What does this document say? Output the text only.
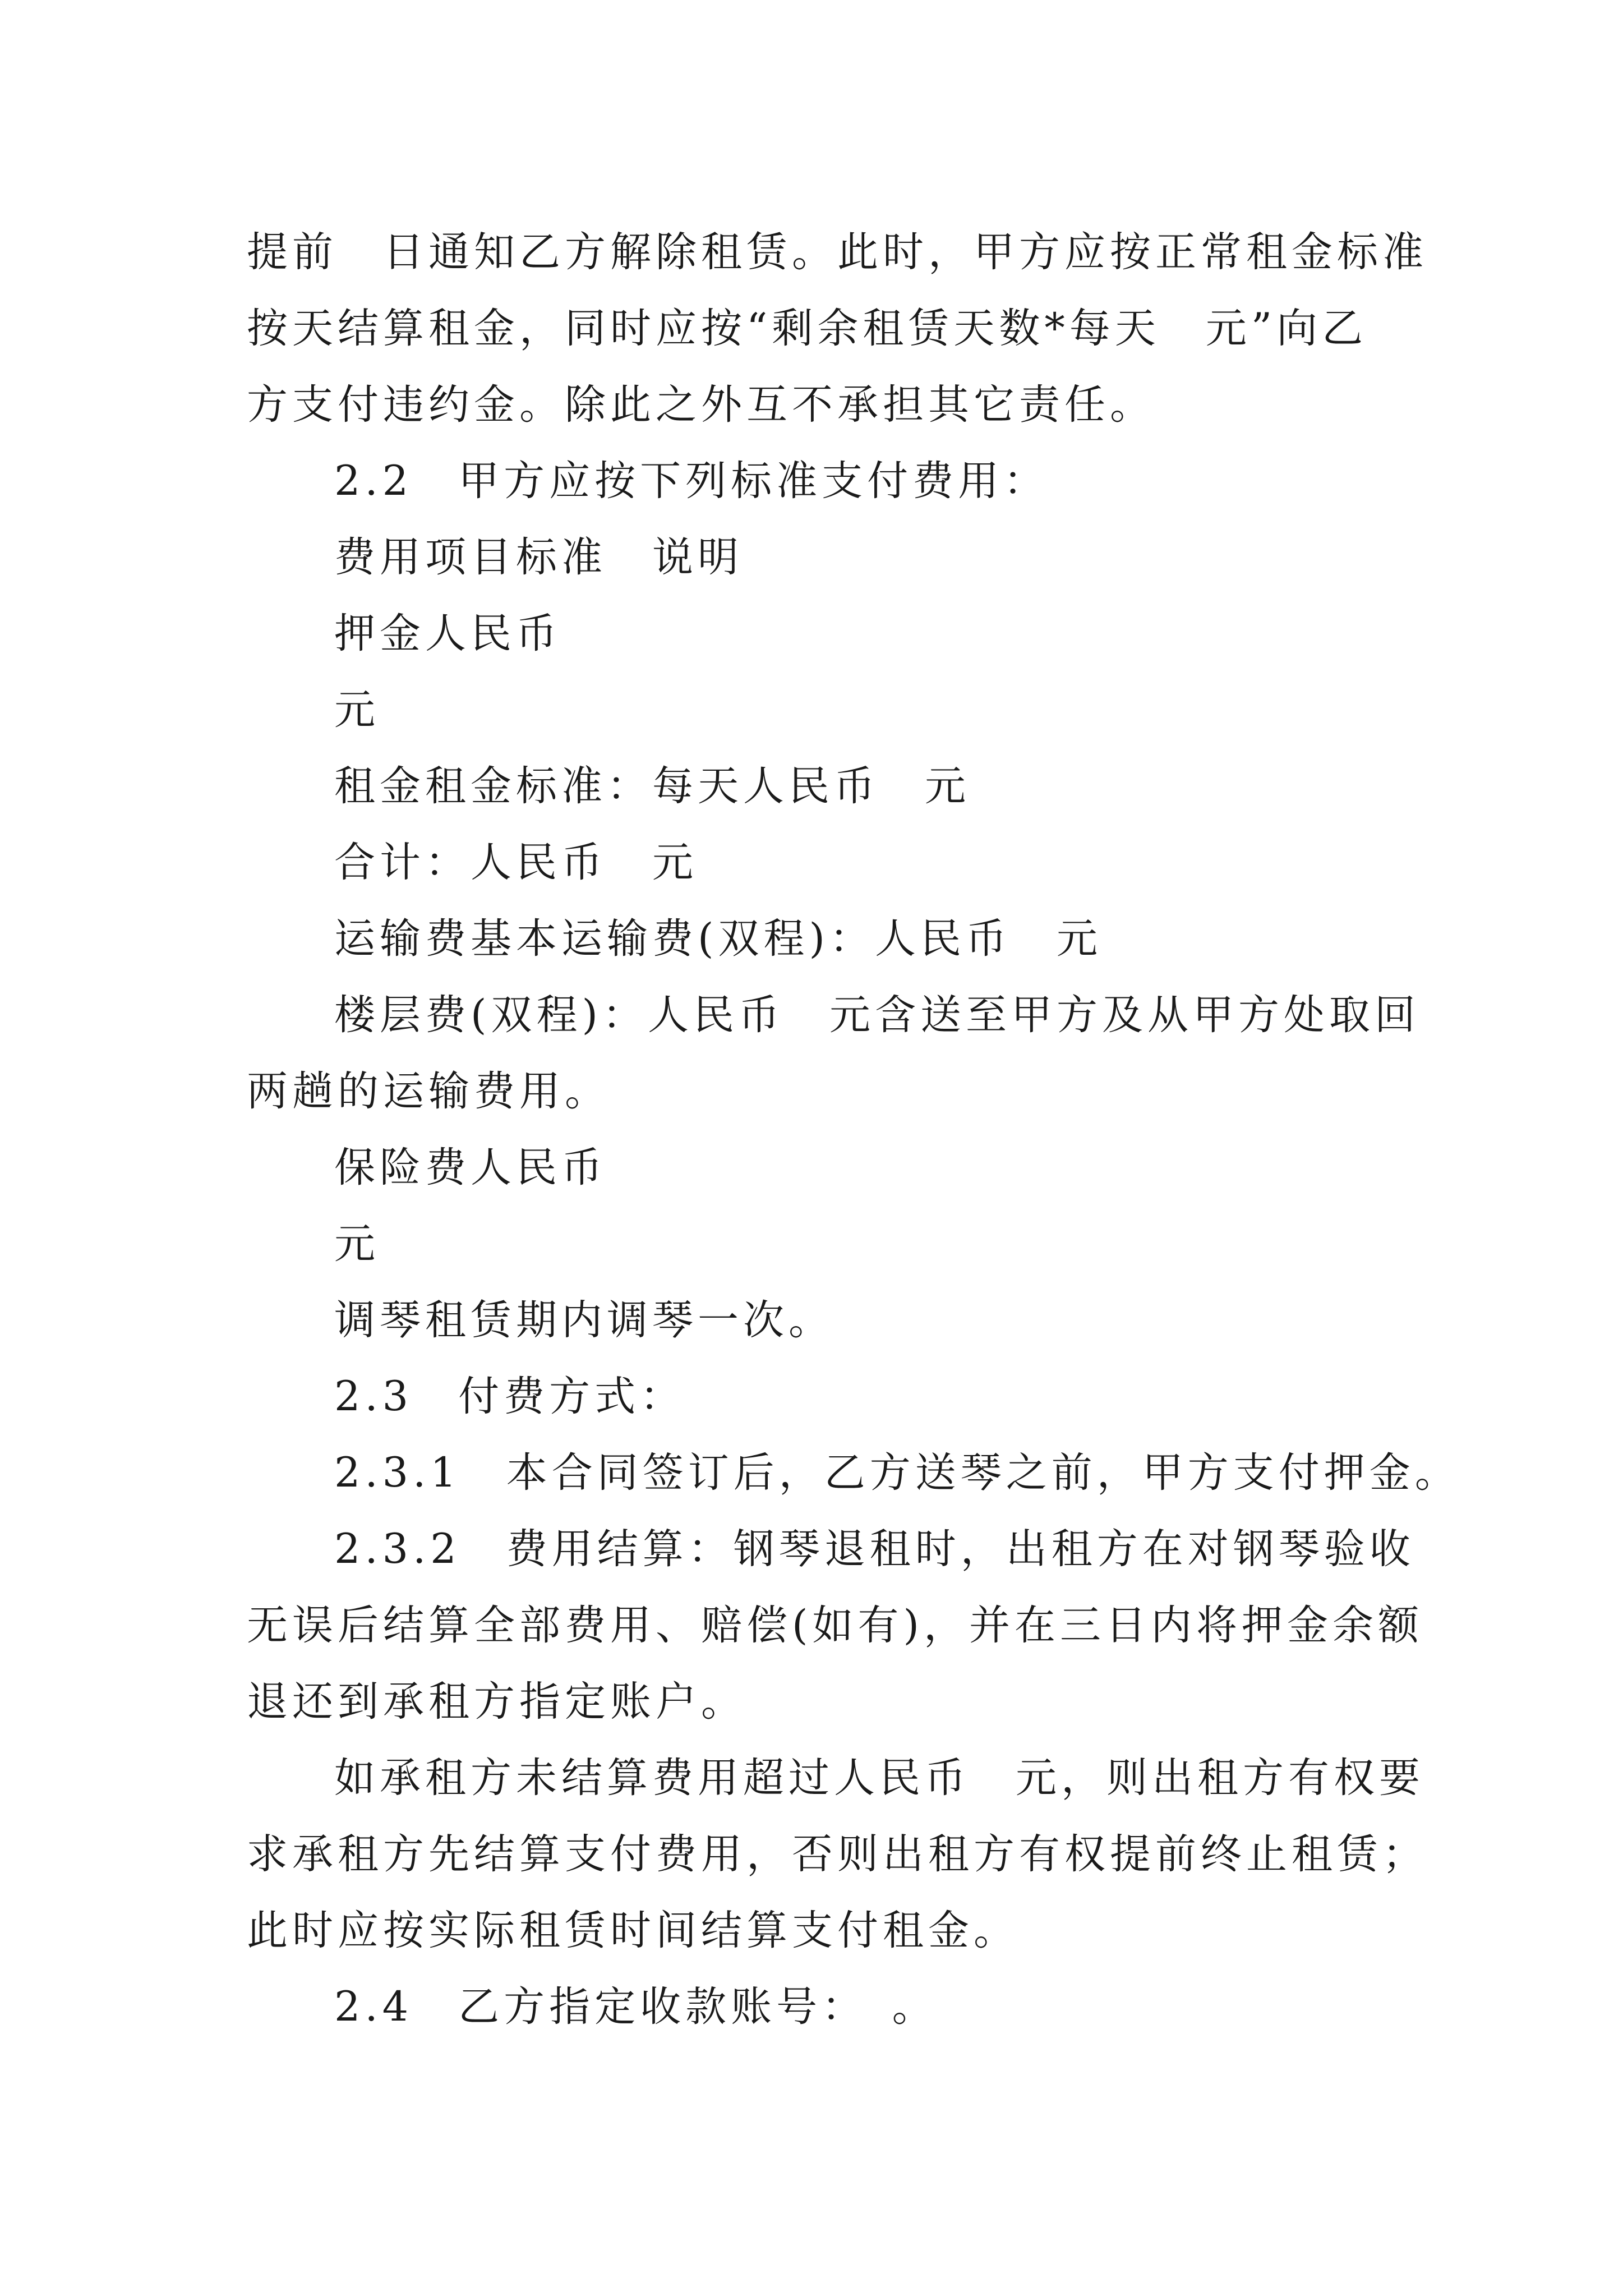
提前　日通知乙方解除租赁。此时，甲方应按正常租金标准
按天结算租金，同时应按“剩余租赁天数*每天　元”向乙
方支付违约金。除此之外互不承担其它责任。
2.2　甲方应按下列标准支付费用：
费用项目标准　说明
押金人民币
元
租金租金标准：每天人民币　元
合计：人民币　元
运输费基本运输费(双程)：人民币　元
楼层费(双程)：人民币　元含送至甲方及从甲方处取回
两趟的运输费用。
保险费人民币
元
调琴租赁期内调琴一次。
2.3　付费方式：
2.3.1　本合同签订后，乙方送琴之前，甲方支付押金。
2.3.2　费用结算：钢琴退租时，出租方在对钢琴验收
无误后结算全部费用、赔偿(如有)，并在三日内将押金余额
退还到承租方指定账户。
如承租方未结算费用超过人民币　元，则出租方有权要
求承租方先结算支付费用，否则出租方有权提前终止租赁；
此时应按实际租赁时间结算支付租金。
2.4　乙方指定收款账号：　。
